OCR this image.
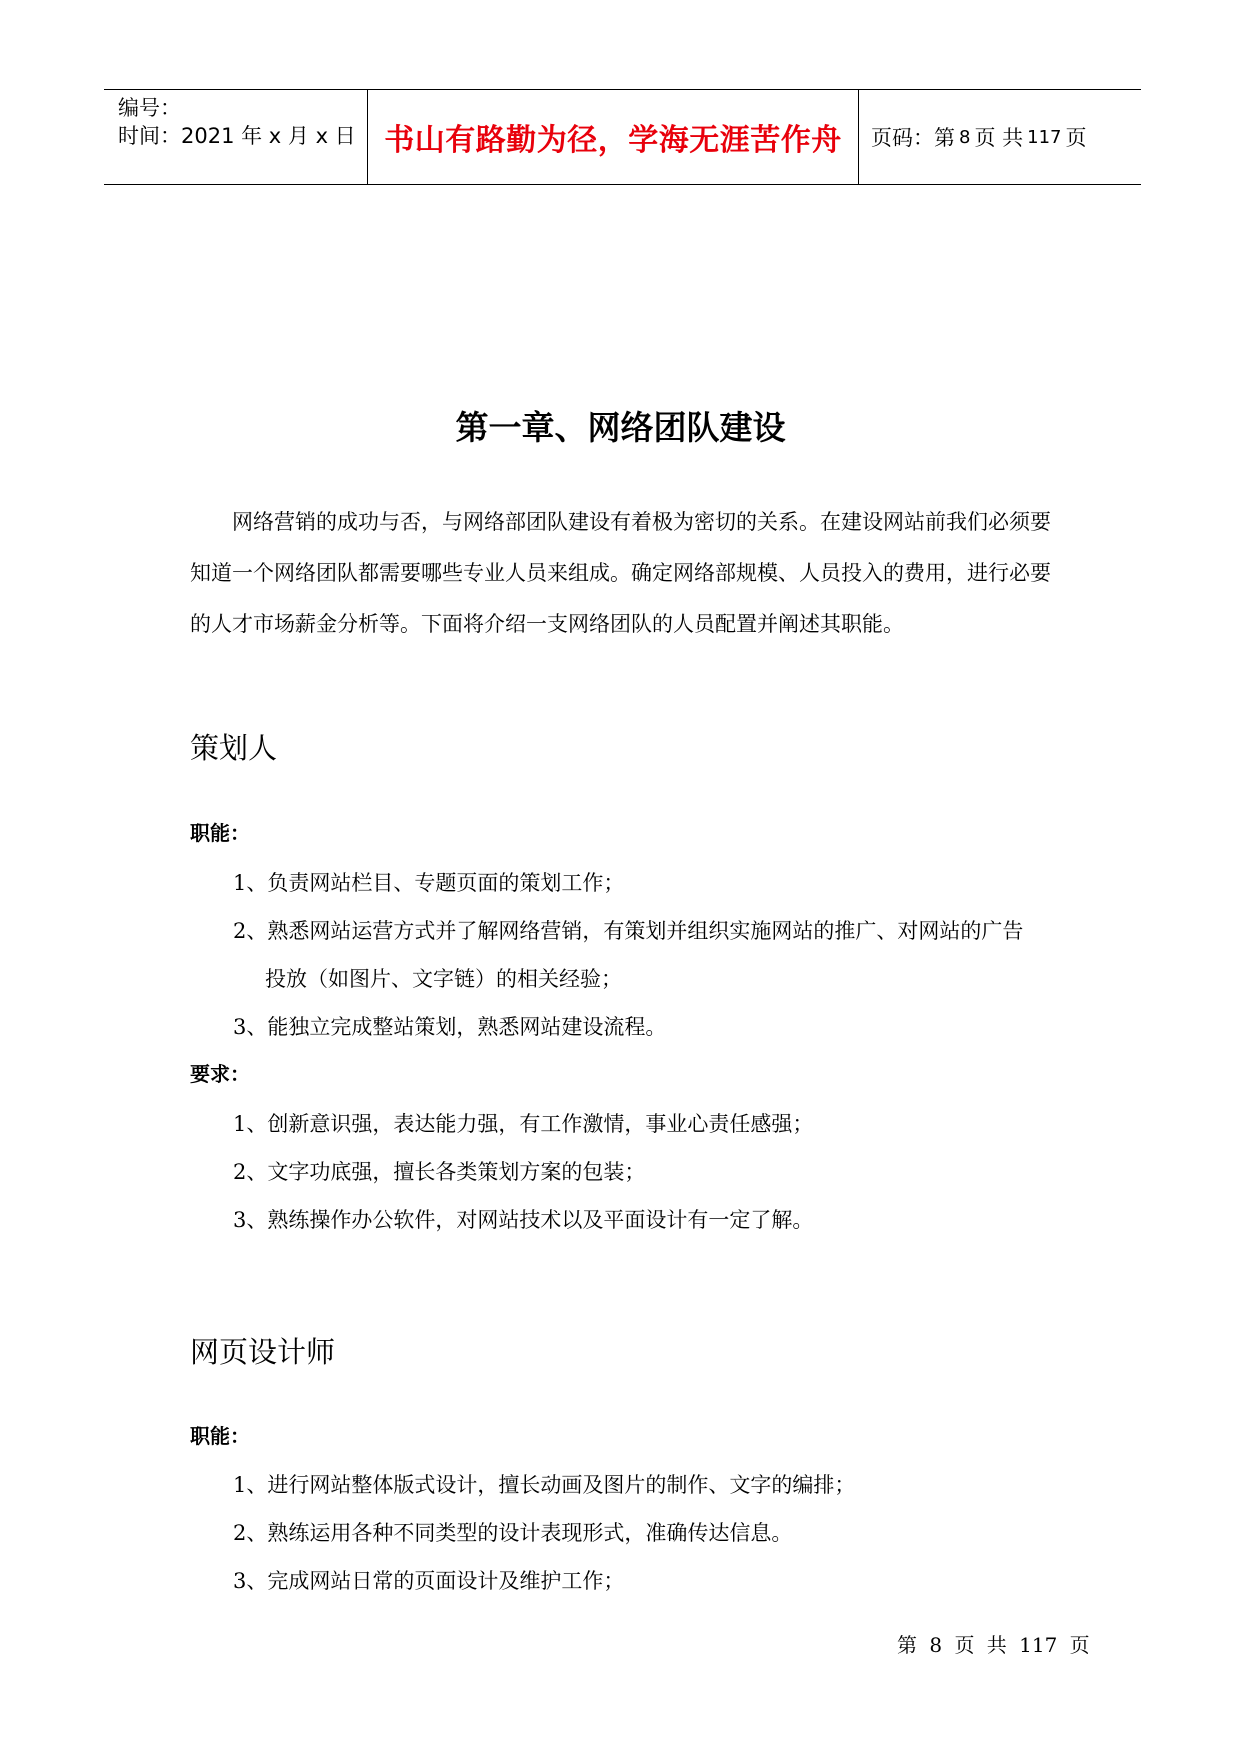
编号：
时间：2021 年 x 月 x 日 书山有路勤为径，学海无涯苦作舟	页码：第 8 页 共 117 页
第一章、网络团队建设
网络营销的成功与否，与网络部团队建设有着极为密切的关系。在建设网站前我们必须要知道一个网络团队都需要哪些专业人员来组成。确定网络部规模、人员投入的费用，进行必要的人才市场薪金分析等。下面将介绍一支网络团队的人员配置并阐述其职能。
策划人
职能：
1、负责网站栏目、专题页面的策划工作；
2、熟悉网站运营方式并了解网络营销，有策划并组织实施网站的推广、对网站的广告
投放（如图片、文字链）的相关经验；
3、能独立完成整站策划，熟悉网站建设流程。
要求：
1、创新意识强，表达能力强，有工作激情，事业心责任感强；
2、文字功底强，擅长各类策划方案的包装；
3、熟练操作办公软件，对网站技术以及平面设计有一定了解。
网页设计师
职能：
1、进行网站整体版式设计，擅长动画及图片的制作、文字的编排；
2、熟练运用各种不同类型的设计表现形式，准确传达信息。
3、完成网站日常的页面设计及维护工作；
第 8 页 共 117 页
